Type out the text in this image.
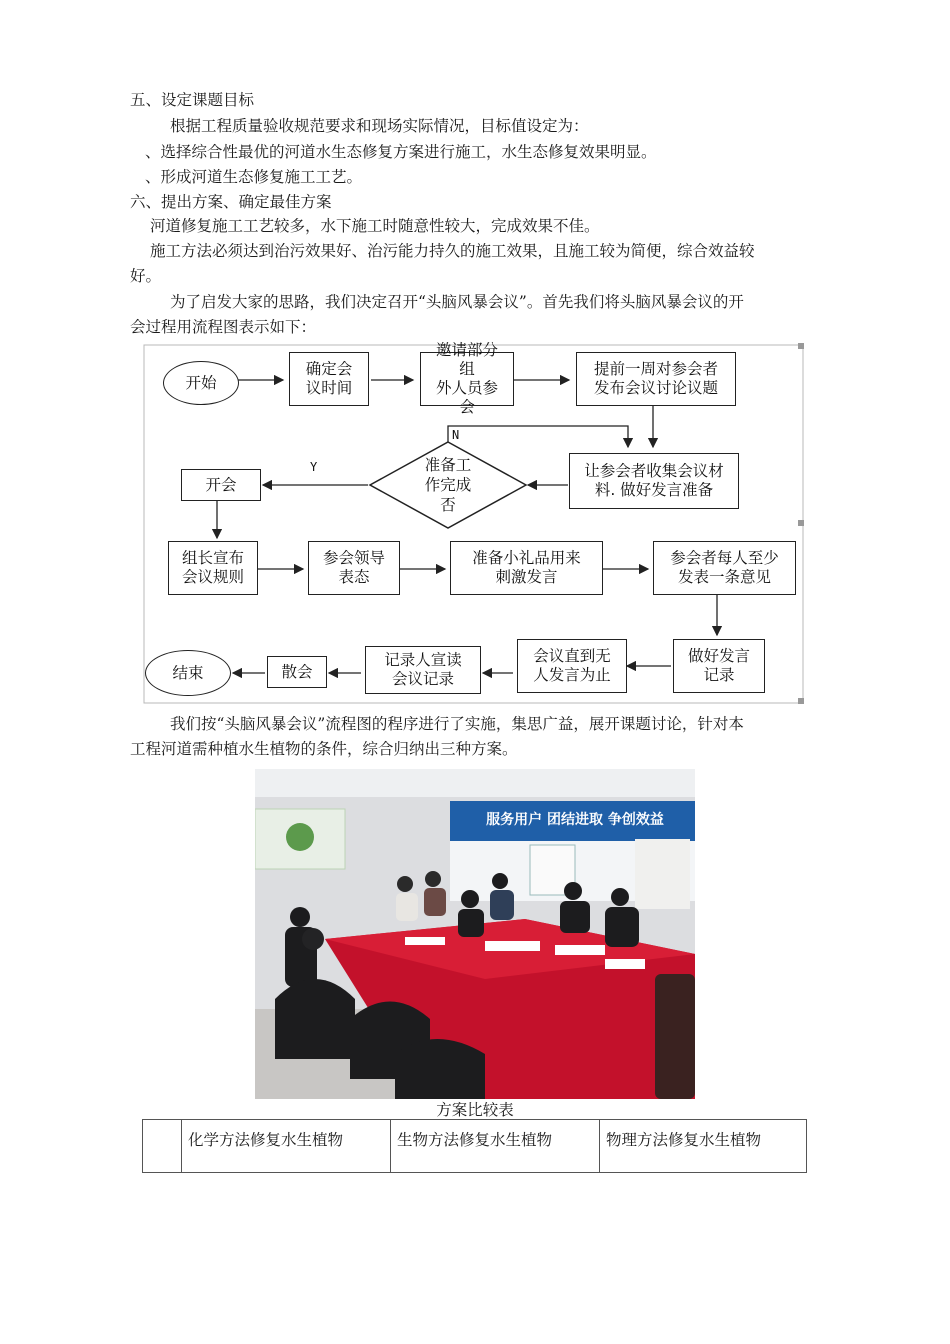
五、设定课题目标
根据工程质量验收规范要求和现场实际情况，目标值设定为：
、选择综合性最优的河道水生态修复方案进行施工，水生态修复效果明显。
、形成河道生态修复施工工艺。
六、提出方案、确定最佳方案
河道修复施工工艺较多，水下施工时随意性较大，完成效果不佳。
施工方法必须达到治污效果好、治污能力持久的施工效果，且施工较为简便，综合效益较
好。
为了启发大家的思路，我们决定召开“头脑风暴会议”。首先我们将头脑风暴会议的开
会过程用流程图表示如下：
开始
确定会
议时间
邀请部分组
外人员参会
提前一周对参会者
发布会议讨论议题
让参会者收集会议材
料. 做好发言准备
准备工
作完成
否
N
Y
开会
组长宣布
会议规则
参会领导
表态
准备小礼品用来
刺激发言
参会者每人至少
发表一条意见
做好发言
记录
会议直到无
人发言为止
记录人宣读
会议记录
散会
结束
我们按“头脑风暴会议”流程图的程序进行了实施，集思广益，展开课题讨论，针对本
工程河道需种植水生植物的条件，综合归纳出三种方案。
服务用户 团结进取 争创效益
方案比较表
	化学方法修复水生植物	生物方法修复水生植物	物理方法修复水生植物
